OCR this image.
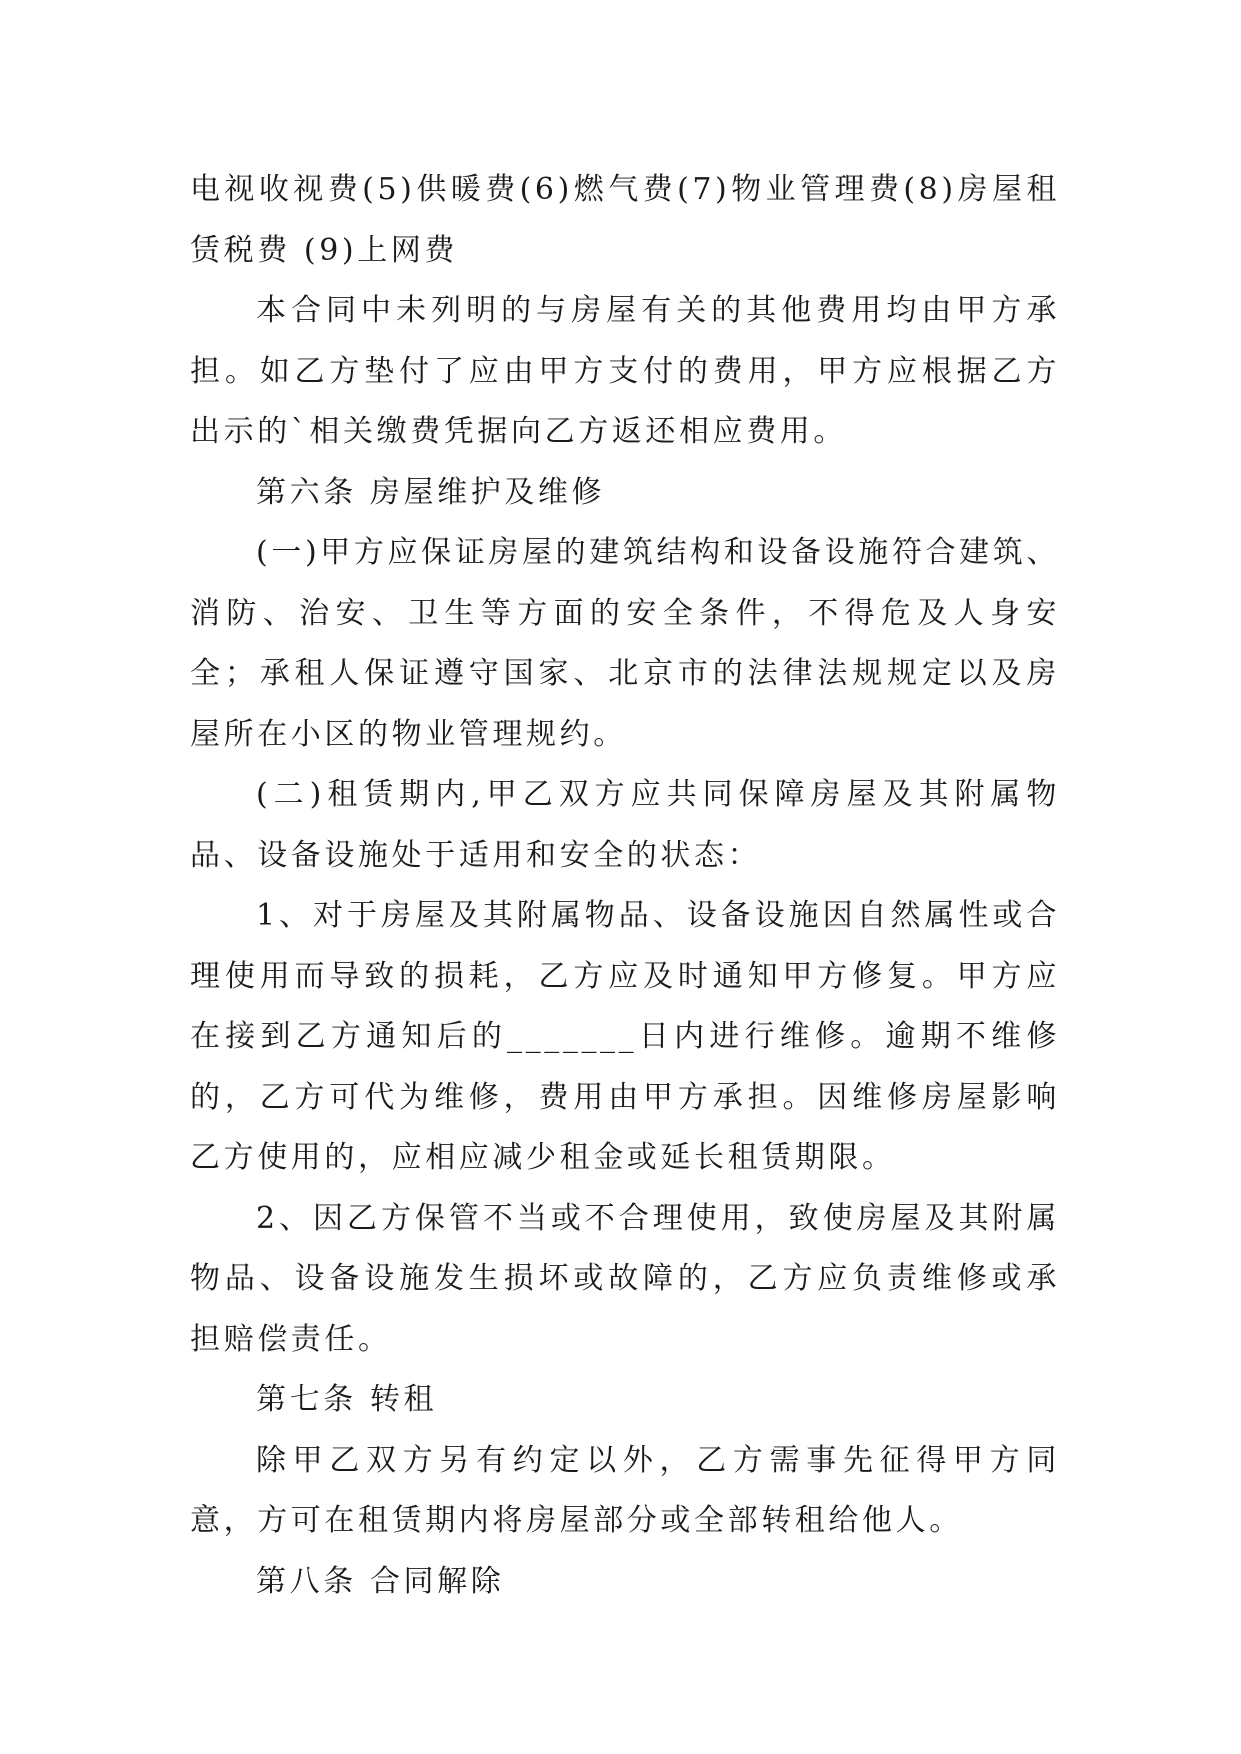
电视收视费(5)供暖费(6)燃气费(7)物业管理费(8)房屋租赁税费 (9)上网费

本合同中未列明的与房屋有关的其他费用均由甲方承担。如乙方垫付了应由甲方支付的费用，甲方应根据乙方出示的`相关缴费凭据向乙方返还相应费用。

第六条 房屋维护及维修

(一)甲方应保证房屋的建筑结构和设备设施符合建筑、消防、治安、卫生等方面的安全条件，不得危及人身安全；承租人保证遵守国家、北京市的法律法规规定以及房屋所在小区的物业管理规约。

(二)租赁期内,甲乙双方应共同保障房屋及其附属物品、设备设施处于适用和安全的状态：

1、对于房屋及其附属物品、设备设施因自然属性或合理使用而导致的损耗，乙方应及时通知甲方修复。甲方应在接到乙方通知后的_______日内进行维修。逾期不维修的，乙方可代为维修，费用由甲方承担。因维修房屋影响乙方使用的，应相应减少租金或延长租赁期限。

2、因乙方保管不当或不合理使用，致使房屋及其附属物品、设备设施发生损坏或故障的，乙方应负责维修或承担赔偿责任。

第七条 转租

除甲乙双方另有约定以外，乙方需事先征得甲方同意，方可在租赁期内将房屋部分或全部转租给他人。

第八条 合同解除
